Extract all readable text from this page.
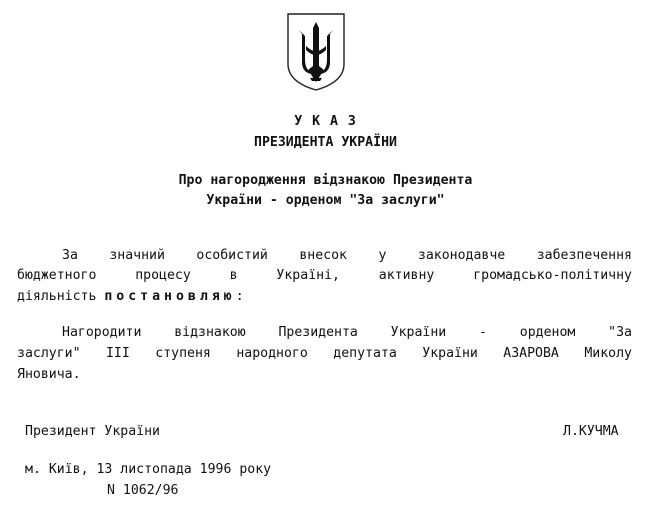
У К А З
ПРЕЗИДЕНТА УКРАЇНИ
Про нагородження відзнакою Президента
України - орденом "За заслуги"
За значний особистий внесок у законодавче забезпечення
бюджетного процесу в Україні, активну громадсько-політичну
діяльність постановляю:
Нагородити відзнакою Президента України - орденом "За
заслуги" III ступеня народного депутата України АЗАРОВА Миколу
Яновича.
Президент України	Л.КУЧМА
м. Київ, 13 листопада 1996 року
N 1062/96
